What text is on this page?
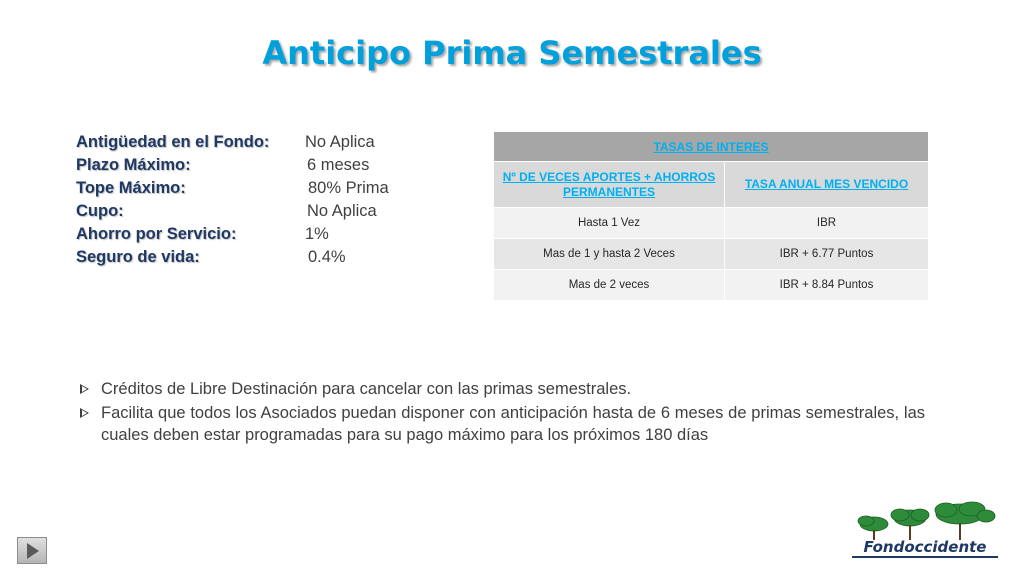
Anticipo Prima Semestrales
Antigüedad en el Fondo: No Aplica
Plazo Máximo:	6 meses
Tope Máximo:	80% Prima
Cupo:	No Aplica
Ahorro por Servicio:	1%
Seguro de vida:	0.4%
TASAS DE INTERES	
Nº DE VECES APORTES + AHORROS PERMANENTES	TASA ANUAL MES VENCIDO
Hasta 1 Vez	IBR
Mas de 1 y hasta 2 Veces	IBR + 6.77 Puntos
Mas de 2 veces	IBR + 8.84 Puntos
Créditos de Libre Destinación para cancelar con las primas semestrales.
Facilita que todos los Asociados puedan disponer con anticipación hasta de 6 meses de primas semestrales, las cuales deben estar programadas para su pago máximo para los próximos 180 días
Fondoccidente
